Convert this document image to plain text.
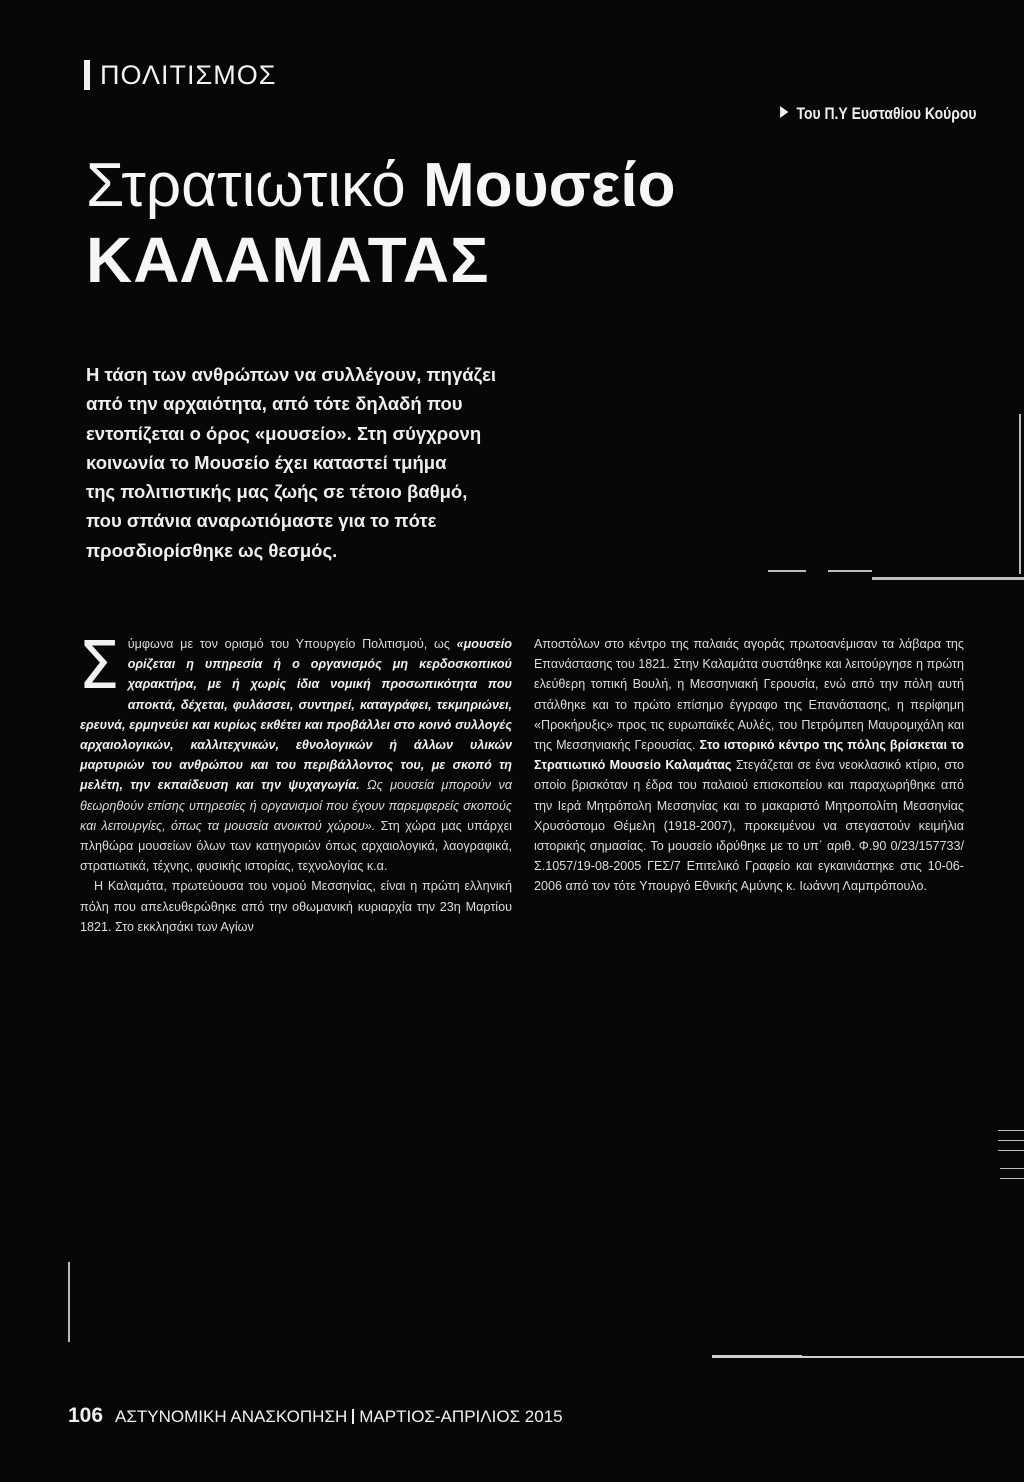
ΠΟΛΙΤΙΣΜΟΣ
Του Π.Υ Ευσταθίου Κούρου
Στρατιωτικό Μουσείο
ΚΑΛΑΜΑΤΑΣ

Η τάση των ανθρώπων να συλλέγουν, πηγάζει

από την αρχαιότητα, από τότε δηλαδή που

εντοπίζεται ο όρος «μουσείο». Στη σύγχρονη

κοινωνία το Μουσείο έχει καταστεί τμήμα

της πολιτιστικής μας ζωής σε τέτοιο βαθμό,

που σπάνια αναρωτιόμαστε για το πότε

προσδιορίσθηκε ως θεσμός.

Σύμφωνα με τον ορισμό του Υπουργείο Πολιτισμού, ως «μουσείο ορίζεται η υπηρεσία ή ο οργανισμός μη κερδοσκοπικού χαρακτήρα, με ή χωρίς ίδια νομική προσωπικότητα που αποκτά, δέχεται, φυλάσσει, συντηρεί, καταγράφει, τεκμηριώνει, ερευνά, ερμηνεύει και κυρίως εκθέτει και προβάλλει στο κοινό συλλογές αρχαιολογικών, καλλιτεχνικών, εθνολογικών ή άλλων υλικών μαρτυριών του ανθρώπου και του περιβάλλοντος του, με σκοπό τη μελέτη, την εκπαίδευση και την ψυχαγωγία. Ως μουσεία μπορούν να θεωρηθούν επίσης υπηρεσίες ή οργανισμοί που έχουν παρεμφερείς σκοπούς και λειτουργίες, όπως τα μουσεία ανοικτού χώρου». Στη χώρα μας υπάρχει πληθώρα μουσείων όλων των κατηγοριών όπως αρχαιολογικά, λαογραφικά, στρατιωτικά, τέχνης, φυσικής ιστορίας, τεχνολογίας κ.α.

Η Καλαμάτα, πρωτεύουσα του νομού Μεσσηνίας, είναι η πρώτη ελληνική πόλη που απελευθερώθηκε από την οθωμανική κυριαρχία την 23η Μαρτίου 1821. Στο εκκλησάκι των Αγίων

Αποστόλων στο κέντρο της παλαιάς αγοράς πρωτοανέμισαν τα λάβαρα της Επανάστασης του 1821. Στην Καλαμάτα συστάθηκε και λειτούργησε η πρώτη ελεύθερη τοπική Βουλή, η Μεσσηνιακή Γερουσία, ενώ από την πόλη αυτή στάλθηκε και το πρώτο επίσημο έγγραφο της Επανάστασης, η περίφημη «Προκήρυξις» προς τις ευρωπαϊκές Αυλές, του Πετρόμπεη Μαυρομιχάλη και της Μεσσηνιακής Γερουσίας. Στο ιστορικό κέντρο της πόλης βρίσκεται το Στρατιωτικό Μουσείο Καλαμάτας Στεγάζεται σε ένα νεοκλασικό κτίριο, στο οποίο βρισκόταν η έδρα του παλαιού επισκοπείου και παραχωρήθηκε από την Ιερά Μητρόπολη Μεσσηνίας και το μακαριστό Μητροπολίτη Μεσσηνίας Χρυσόστομο Θέμελη (1918-2007), προκειμένου να στεγαστούν κειμήλια ιστορικής σημασίας. Το μουσείο ιδρύθηκε με το υπ΄ αριθ. Φ.90 0/23/157733/Σ.1057/19-08-2005 ΓΕΣ/7 Επιτελικό Γραφείο και εγκαινιάστηκε στις 10-06-2006 από τον τότε Υπουργό Εθνικής Αμύνης κ. Ιωάννη Λαμπρόπουλο.

106 ΑΣΤΥΝΟΜΙΚΗ ΑΝΑΣΚΟΠΗΣΗ ΜΑΡΤΙΟΣ-ΑΠΡΙΛΙΟΣ 2015
